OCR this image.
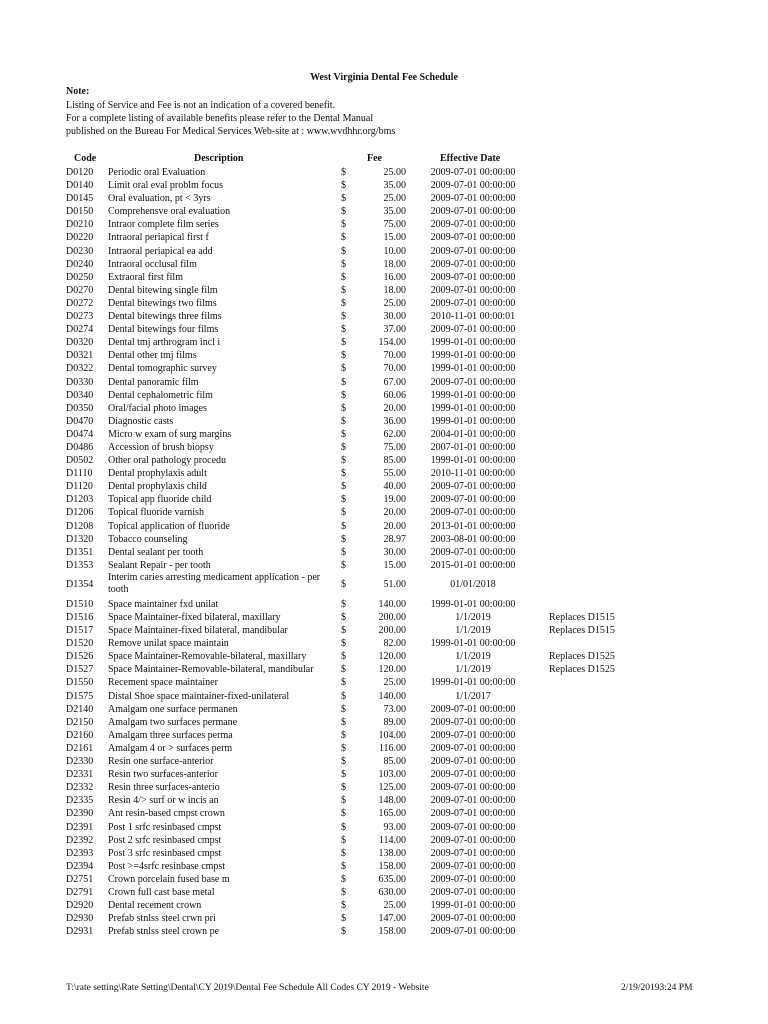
West Virginia Dental Fee Schedule
Note:
Listing of Service and Fee is not an indication of a covered benefit.
For a complete listing of available benefits please refer to the Dental Manual
published on the Bureau For Medical Services Web-site at : www.wvdhhr.org/bms
Code	Description	Fee	Effective Date
D0120 Periodic oral Evaluation	$	25.00	2009-07-01 00:00:00
D0140 Limit oral eval problm focus	$	35.00	2009-07-01 00:00:00
D0145 Oral evaluation, pt < 3yrs	$	25.00	2009-07-01 00:00:00
D0150 Comprehensve oral evaluation	$	35.00	2009-07-01 00:00:00
D0210 Intraor complete film series	$	75.00	2009-07-01 00:00:00
D0220 Intraoral periapical first f	$	15.00	2009-07-01 00:00:00
D0230 Intraoral periapical ea add	$	10.00	2009-07-01 00:00:00
D0240 Intraoral occlusal film	$	18.00	2009-07-01 00:00:00
D0250 Extraoral first film	$	16.00	2009-07-01 00:00:00
D0270 Dental bitewing single film	$	18.00	2009-07-01 00:00:00
D0272 Dental bitewings two films	$	25.00	2009-07-01 00:00:00
D0273 Dental bitewings three films	$	30.00	2010-11-01 00:00:01
D0274 Dental bitewings four films	$	37.00	2009-07-01 00:00:00
D0320 Dental tmj arthrogram incl i	$	154.00	1999-01-01 00:00:00
D0321 Dental other tmj films	$	70.00	1999-01-01 00:00:00
D0322 Dental tomographic survey	$	70.00	1999-01-01 00:00:00
D0330 Dental panoramic film	$	67.00	2009-07-01 00:00:00
D0340 Dental cephalometric film	$	60.06	1999-01-01 00:00:00
D0350 Oral/facial photo images	$	20.00	1999-01-01 00:00:00
D0470 Diagnostic casts	$	36.00	1999-01-01 00:00:00
D0474 Micro w exam of surg margins	$	62.00	2004-01-01 00:00:00
D0486 Accession of brush biopsy	$	75.00	2007-01-01 00:00:00
D0502 Other oral pathology procedu	$	85.00	1999-01-01 00:00:00
D1110 Dental prophylaxis adult	$	55.00	2010-11-01 00:00:00
D1120 Dental prophylaxis child	$	40.00	2009-07-01 00:00:00
D1203 Topical app fluoride child	$	19.00	2009-07-01 00:00:00
D1206 Topical fluoride varnish	$	20.00	2009-07-01 00:00:00
D1208 Topical application of fluoride	$	20.00	2013-01-01 00:00:00
D1320 Tobacco counseling	$	28.97	2003-08-01 00:00:00
D1351 Dental sealant per tooth	$	30.00	2009-07-01 00:00:00
D1353 Sealant Repair - per tooth	$	15.00	2015-01-01 00:00:00
D1354
Interim caries arresting medicament application - per tooth	$	51.00	01/01/2018
D1510 Space maintainer fxd unilat	$	140.00	1999-01-01 00:00:00
D1516 Space Maintainer-fixed bilateral, maxillary	$	200.00	1/1/2019	Replaces D1515
D1517 Space Maintainer-fixed bilateral, mandibular	$	200.00	1/1/2019	Replaces D1515
D1520 Remove unilat space maintain	$	82.00	1999-01-01 00:00:00
D1526 Space Maintainer-Removable-bilateral, maxillary	$	120.00	1/1/2019	Replaces D1525
D1527 Space Maintainer-Removable-bilateral, mandibular	$	120.00	1/1/2019	Replaces D1525
D1550 Recement space maintainer	$	25.00	1999-01-01 00:00:00
D1575 Distal Shoe space maintainer-fixed-unilateral	$	140.00	1/1/2017
D2140 Amalgam one surface permanen	$	73.00	2009-07-01 00:00:00
D2150 Amalgam two surfaces permane	$	89.00	2009-07-01 00:00:00
D2160 Amalgam three surfaces perma	$	104.00	2009-07-01 00:00:00
D2161 Amalgam 4 or > surfaces perm	$	116.00	2009-07-01 00:00:00
D2330 Resin one surface-anterior	$	85.00	2009-07-01 00:00:00
D2331 Resin two surfaces-anterior	$	103.00	2009-07-01 00:00:00
D2332 Resin three surfaces-anterio	$	125.00	2009-07-01 00:00:00
D2335 Resin 4/> surf or w incis an	$	148.00	2009-07-01 00:00:00
D2390 Ant resin-based cmpst crown	$	165.00	2009-07-01 00:00:00
D2391 Post 1 srfc resinbased cmpst	$	93.00	2009-07-01 00:00:00
D2392 Post 2 srfc resinbased cmpst	$	114.00	2009-07-01 00:00:00
D2393 Post 3 srfc resinbased cmpst	$	138.00	2009-07-01 00:00:00
D2394 Post >=4srfc resinbase cmpst	$	158.00	2009-07-01 00:00:00
D2751 Crown porcelain fused base m	$	635.00	2009-07-01 00:00:00
D2791 Crown full cast base metal	$	630.00	2009-07-01 00:00:00
D2920 Dental recement crown	$	25.00	1999-01-01 00:00:00
D2930 Prefab stnlss steel crwn pri	$	147.00	2009-07-01 00:00:00
D2931 Prefab stnlss steel crown pe	$	158.00	2009-07-01 00:00:00
T:\rate setting\Rate Setting\Dental\CY 2019\Dental Fee Schedule All Codes CY 2019 - Website	2/19/20193:24 PM
